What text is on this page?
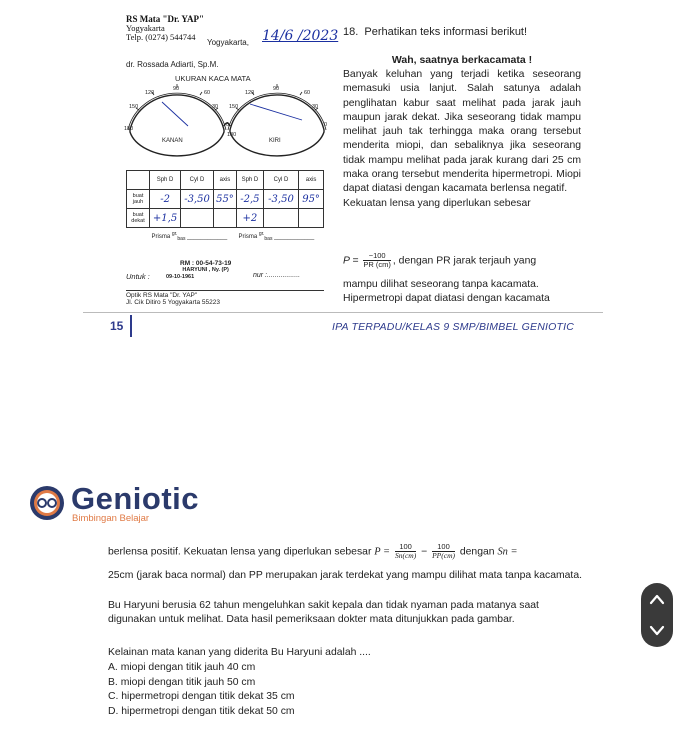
RS Mata "Dr. YAP"
Yogyakarta
Telp. (0274) 544744
Yogyakarta, 14/6 /2023
dr. Rossada Adiarti, Sp.M.
UKURAN KACA MATA
120
90
60
150	30
180
0
120
90
60
150	30
180
0
KANAN	KIRI
	Sph D	Cyl D	axis	Sph D	Cyl D	axis
buat jauh	-2	-3,50	55°	-2,5	-3,50	95°
buat dekat	+1,5			+2		
	Prisma $^{gr.}_{bas}$ ____________			Prisma $^{gr.}_{bas}$ ____________		
RM : 00-54-73-19
HARYUNI , Ny. (P)
09-10-1961
Untuk :	nur :.................
Optik RS Mata "Dr. YAP"
Jl. Cik Ditiro 5 Yogyakarta 55223
18. Perhatikan teks informasi berikut!
Wah, saatnya berkacamata !
Banyak keluhan yang terjadi ketika seseorang memasuki usia lanjut. Salah satunya adalah penglihatan kabur saat melihat pada jarak jauh maupun jarak dekat. Jika seseorang tidak mampu melihat jauh tak terhingga maka orang tersebut menderita miopi, dan sebaliknya jika seseorang tidak mampu melihat pada jarak kurang dari 25 cm maka orang tersebut menderita hipermetropi. Miopi dapat diatasi dengan kacamata berlensa negatif.
Kekuatan lensa yang diperlukan sebesar
$P = \frac{-100}{PR (cm)}$ , dengan PR jarak terjauh yang
mampu dilihat seseorang tanpa kacamata.
Hipermetropi dapat diatasi dengan kacamata
15	IPA TERPADU/KELAS 9 SMP/BIMBEL GENIOTIC
Geniotic
Bimbingan Belajar
berlensa positif. Kekuatan lensa yang diperlukan sebesar $P = \frac{100}{Sn(cm)} - \frac{100}{PP(cm)}$ dengan Sn =
25cm (jarak baca normal) dan PP merupakan jarak terdekat yang mampu dilihat mata tanpa kacamata.
Bu Haryuni berusia 62 tahun mengeluhkan sakit kepala dan tidak nyaman pada matanya saat digunakan untuk melihat. Data hasil pemeriksaan dokter mata ditunjukkan pada gambar.
Kelainan mata kanan yang diderita Bu Haryuni adalah ....
A. miopi dengan titik jauh 40 cm
B. miopi dengan titik jauh 50 cm
C. hipermetropi dengan titik dekat 35 cm
D. hipermetropi dengan titik dekat 50 cm
